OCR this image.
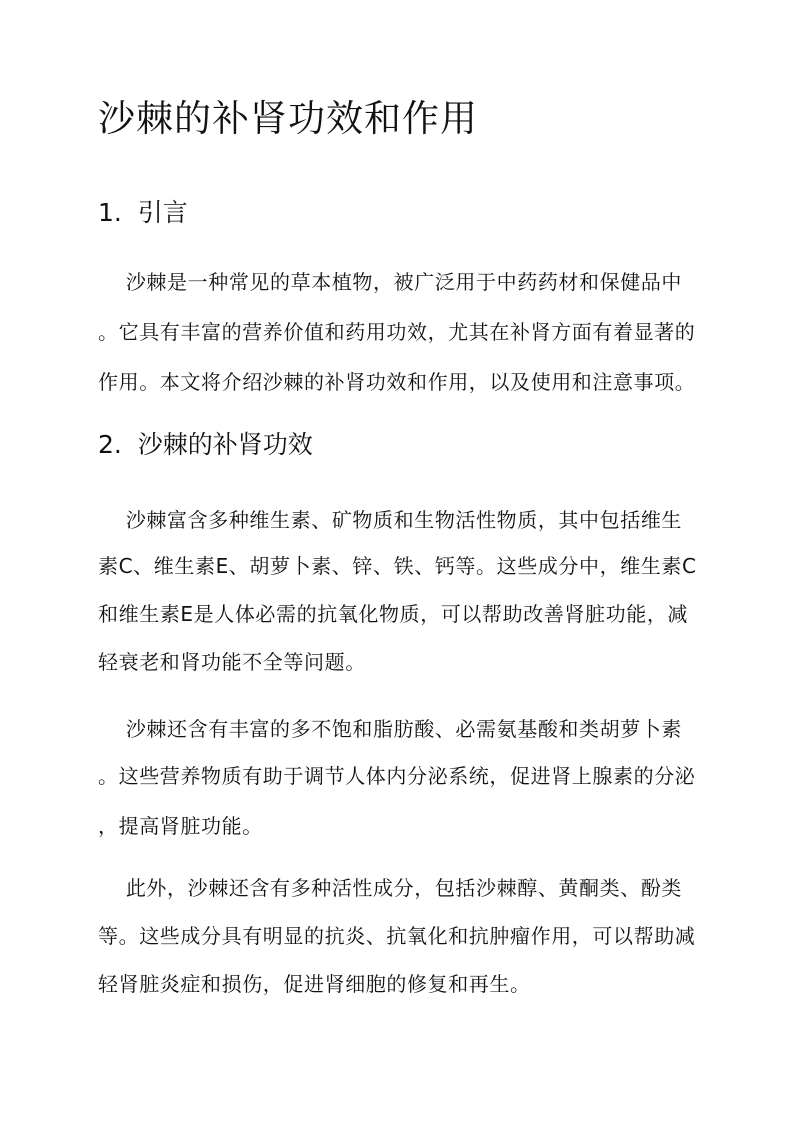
沙棘的补肾功效和作用
1.  引言

沙棘是一种常见的草本植物，被广泛用于中药药材和保健品中

。它具有丰富的营养价值和药用功效，尤其在补肾方面有着显著的

作用。本文将介绍沙棘的补肾功效和作用，以及使用和注意事项。

2.  沙棘的补肾功效

沙棘富含多种维生素、矿物质和生物活性物质，其中包括维生

素C、维生素E、胡萝卜素、锌、铁、钙等。这些成分中，维生素C

和维生素E是人体必需的抗氧化物质，可以帮助改善肾脏功能，减

轻衰老和肾功能不全等问题。

沙棘还含有丰富的多不饱和脂肪酸、必需氨基酸和类胡萝卜素

。这些营养物质有助于调节人体内分泌系统，促进肾上腺素的分泌

，提高肾脏功能。

此外，沙棘还含有多种活性成分，包括沙棘醇、黄酮类、酚类

等。这些成分具有明显的抗炎、抗氧化和抗肿瘤作用，可以帮助减

轻肾脏炎症和损伤，促进肾细胞的修复和再生。
